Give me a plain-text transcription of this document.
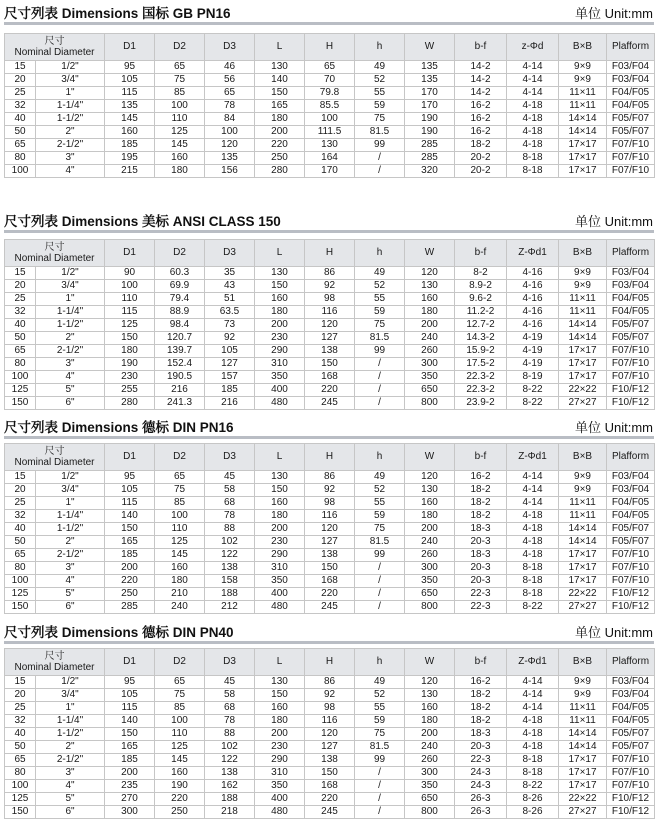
尺寸列表 Dimensions 国标 GB PN16	单位 Unit:mm
尺寸
Nominal Diameter		D1	D2	D3	L	H	h	W	b-f	z-Φd	B×B	Plafform
15	1/2"	95	65	46	130	65	49	135	14-2	4-14	9×9	F03/F04
20	3/4"	105	75	56	140	70	52	135	14-2	4-14	9×9	F03/F04
25	1"	115	85	65	150	79.8	55	170	14-2	4-14	11×11	F04/F05
32	1-1/4"	135	100	78	165	85.5	59	170	16-2	4-18	11×11	F04/F05
40	1-1/2"	145	110	84	180	100	75	190	16-2	4-18	14×14	F05/F07
50	2"	160	125	100	200	111.5	81.5	190	16-2	4-18	14×14	F05/F07
65	2-1/2"	185	145	120	220	130	99	285	18-2	4-18	17×17	F07/F10
80	3"	195	160	135	250	164	/	285	20-2	8-18	17×17	F07/F10
100	4"	215	180	156	280	170	/	320	20-2	8-18	17×17	F07/F10
尺寸列表 Dimensions 美标 ANSI CLASS 150	单位 Unit:mm
尺寸
Nominal Diameter		D1	D2	D3	L	H	h	W	b-f	Z-Φd1	B×B	Plafform
15	1/2"	90	60.3	35	130	86	49	120	8-2	4-16	9×9	F03/F04
20	3/4"	100	69.9	43	150	92	52	130	8.9-2	4-16	9×9	F03/F04
25	1"	110	79.4	51	160	98	55	160	9.6-2	4-16	11×11	F04/F05
32	1-1/4"	115	88.9	63.5	180	116	59	180	11.2-2	4-16	11×11	F04/F05
40	1-1/2"	125	98.4	73	200	120	75	200	12.7-2	4-16	14×14	F05/F07
50	2"	150	120.7	92	230	127	81.5	240	14.3-2	4-19	14×14	F05/F07
65	2-1/2"	180	139.7	105	290	138	99	260	15.9-2	4-19	17×17	F07/F10
80	3"	190	152.4	127	310	150	/	300	17.5-2	4-19	17×17	F07/F10
100	4"	230	190.5	157	350	168	/	350	22.3-2	8-19	17×17	F07/F10
125	5"	255	216	185	400	220	/	650	22.3-2	8-22	22×22	F10/F12
150	6"	280	241.3	216	480	245	/	800	23.9-2	8-22	27×27	F10/F12
尺寸列表 Dimensions 德标 DIN PN16	单位 Unit:mm
尺寸
Nominal Diameter		D1	D2	D3	L	H	h	W	b-f	Z-Φd1	B×B	Plafform
15	1/2"	95	65	45	130	86	49	120	16-2	4-14	9×9	F03/F04
20	3/4"	105	75	58	150	92	52	130	18-2	4-14	9×9	F03/F04
25	1"	115	85	68	160	98	55	160	18-2	4-14	11×11	F04/F05
32	1-1/4"	140	100	78	180	116	59	180	18-2	4-18	11×11	F04/F05
40	1-1/2"	150	110	88	200	120	75	200	18-3	4-18	14×14	F05/F07
50	2"	165	125	102	230	127	81.5	240	20-3	4-18	14×14	F05/F07
65	2-1/2"	185	145	122	290	138	99	260	18-3	4-18	17×17	F07/F10
80	3"	200	160	138	310	150	/	300	20-3	8-18	17×17	F07/F10
100	4"	220	180	158	350	168	/	350	20-3	8-18	17×17	F07/F10
125	5"	250	210	188	400	220	/	650	22-3	8-18	22×22	F10/F12
150	6"	285	240	212	480	245	/	800	22-3	8-22	27×27	F10/F12
尺寸列表 Dimensions 德标 DIN PN40	单位 Unit:mm
尺寸
Nominal Diameter		D1	D2	D3	L	H	h	W	b-f	Z-Φd1	B×B	Plafform
15	1/2"	95	65	45	130	86	49	120	16-2	4-14	9×9	F03/F04
20	3/4"	105	75	58	150	92	52	130	18-2	4-14	9×9	F03/F04
25	1"	115	85	68	160	98	55	160	18-2	4-14	11×11	F04/F05
32	1-1/4"	140	100	78	180	116	59	180	18-2	4-18	11×11	F04/F05
40	1-1/2"	150	110	88	200	120	75	200	18-3	4-18	14×14	F05/F07
50	2"	165	125	102	230	127	81.5	240	20-3	4-18	14×14	F05/F07
65	2-1/2"	185	145	122	290	138	99	260	22-3	8-18	17×17	F07/F10
80	3"	200	160	138	310	150	/	300	24-3	8-18	17×17	F07/F10
100	4"	235	190	162	350	168	/	350	24-3	8-22	17×17	F07/F10
125	5"	270	220	188	400	220	/	650	26-3	8-26	22×22	F10/F12
150	6"	300	250	218	480	245	/	800	26-3	8-26	27×27	F10/F12
